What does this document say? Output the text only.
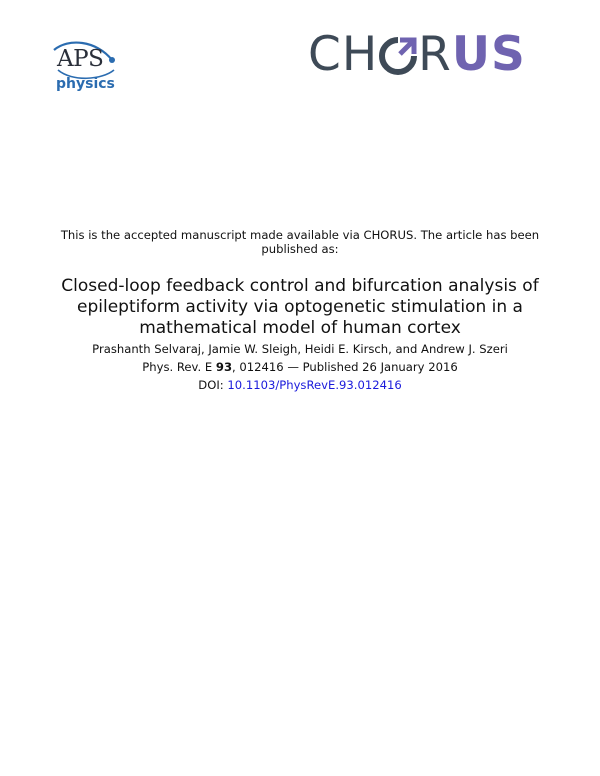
APS
physics
CH RUS
This is the accepted manuscript made available via CHORUS. The article has been
published as:
Closed-loop feedback control and bifurcation analysis of
epileptiform activity via optogenetic stimulation in a
mathematical model of human cortex
Prashanth Selvaraj, Jamie W. Sleigh, Heidi E. Kirsch, and Andrew J. Szeri
Phys. Rev. E 93, 012416 — Published 26 January 2016
DOI: 10.1103/PhysRevE.93.012416
